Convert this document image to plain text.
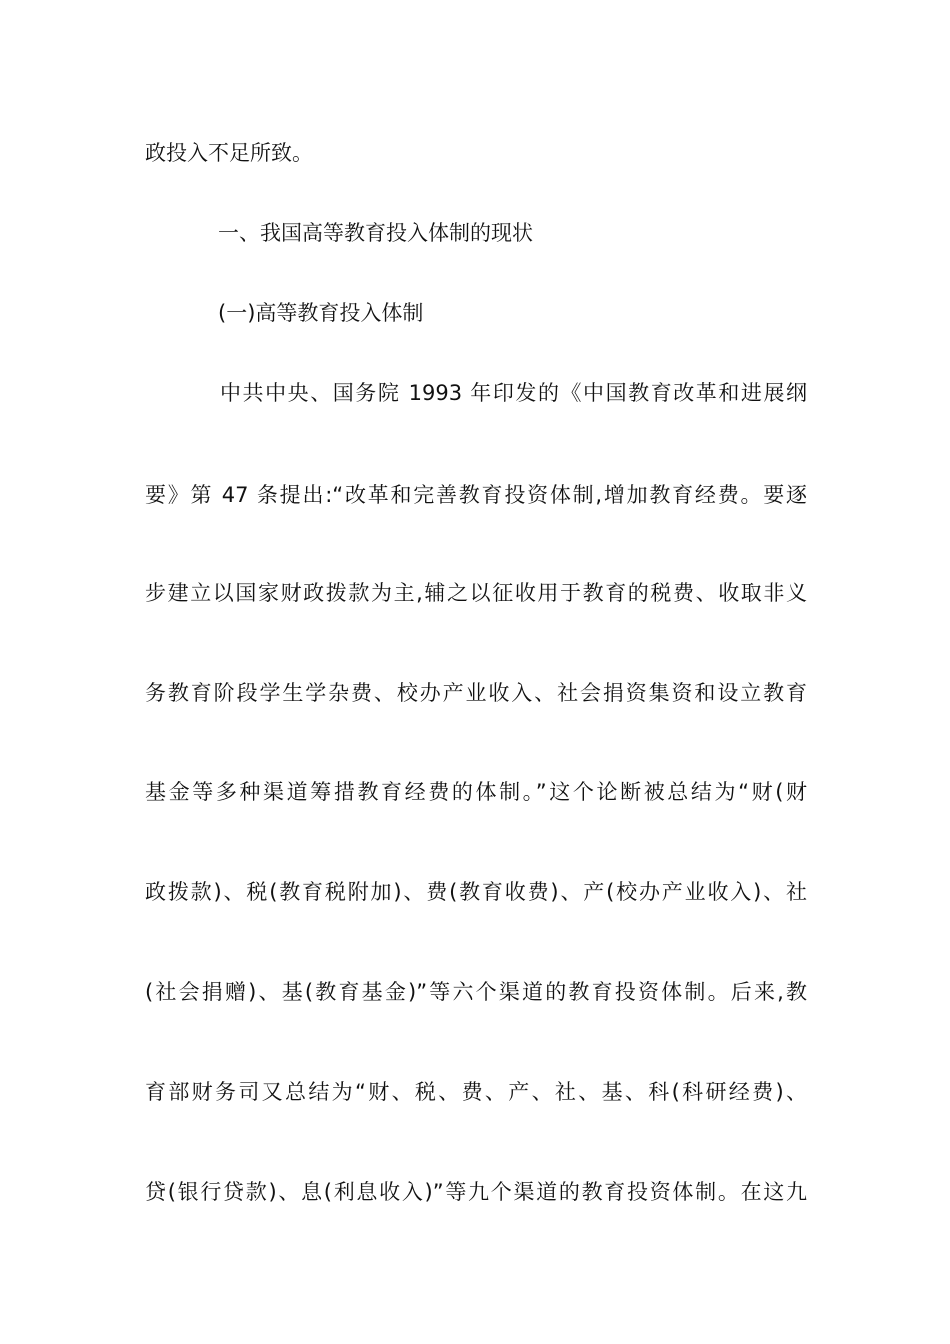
政投入不足所致。
一、我国高等教育投入体制的现状
(一)高等教育投入体制
中共中央、国务院 1993 年印发的《中国教育改革和进展纲
要》第 47 条提出:“改革和完善教育投资体制,增加教育经费。要逐
步建立以国家财政拨款为主,辅之以征收用于教育的税费、收取非义
务教育阶段学生学杂费、校办产业收入、社会捐资集资和设立教育
基金等多种渠道筹措教育经费的体制。”这个论断被总结为“财(财
政拨款)、税(教育税附加)、费(教育收费)、产(校办产业收入)、社
(社会捐赠)、基(教育基金)”等六个渠道的教育投资体制。后来,教
育部财务司又总结为“财、税、费、产、社、基、科(科研经费)、
贷(银行贷款)、息(利息收入)”等九个渠道的教育投资体制。在这九
